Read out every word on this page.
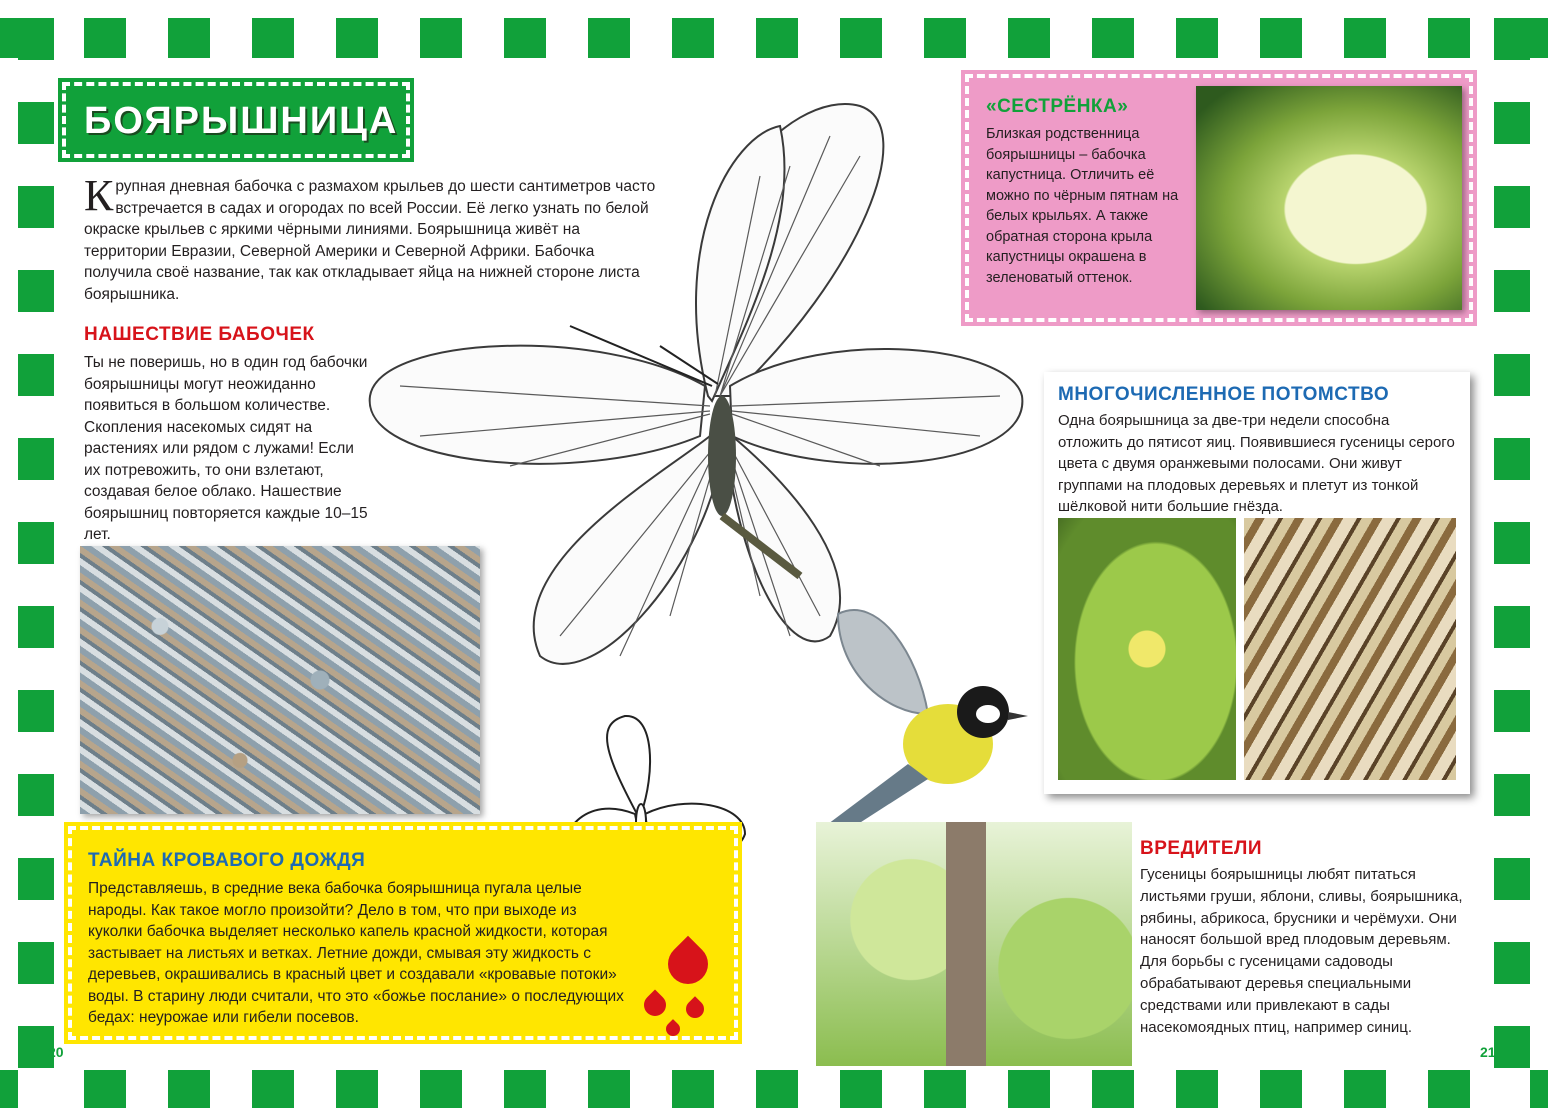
БОЯРЫШНИЦА
Крупная дневная бабочка с размахом крыльев до шести сантиметров часто встречается в садах и огородах по всей России. Её легко узнать по белой окраске крыльев с яркими чёрными линиями. Боярышница живёт на территории Евразии, Северной Америки и Северной Африки. Бабочка получила своё название, так как откладывает яйца на нижней стороне листа боярышника.
НАШЕСТВИЕ БАБОЧЕК
Ты не поверишь, но в один год бабочки боярышницы могут неожиданно появиться в большом количестве. Скопления насекомых сидят на растениях или рядом с лужами! Если их потревожить, то они взлетают, создавая белое облако. Нашествие боярышниц повторяется каждые 10–15 лет.
«СЕСТРЁНКА»
Близкая родственница боярышницы – бабочка капустница. Отличить её можно по чёрным пятнам на белых крыльях. А также обратная сторона крыла капустницы окрашена в зеленоватый оттенок.
МНОГОЧИСЛЕННОЕ ПОТОМСТВО
Одна боярышница за две-три недели способна отложить до пятисот яиц. Появившиеся гусеницы серого цвета с двумя оранжевыми полосами. Они живут группами на плодовых деревьях и плетут из тонкой шёлковой нити большие гнёзда.
ВРЕДИТЕЛИ
Гусеницы боярышницы любят питаться листьями груши, яблони, сливы, боярышника, рябины, абрикоса, брусники и черёмухи. Они наносят большой вред плодовым деревьям. Для борьбы с гусеницами садоводы обрабатывают деревья специальными средствами или привлекают в сады насекомоядных птиц, например синиц.
ТАЙНА КРОВАВОГО ДОЖДЯ
Представляешь, в средние века бабочка боярышница пугала целые народы. Как такое могло произойти? Дело в том, что при выходе из куколки бабочка выделяет несколько капель красной жидкости, которая застывает на листьях и ветках. Летние дожди, смывая эту жидкость с деревьев, окрашивались в красный цвет и создавали «кровавые потоки» воды. В старину люди считали, что это «божье послание» о последующих бедах: неурожае или гибели посевов.
20	21
